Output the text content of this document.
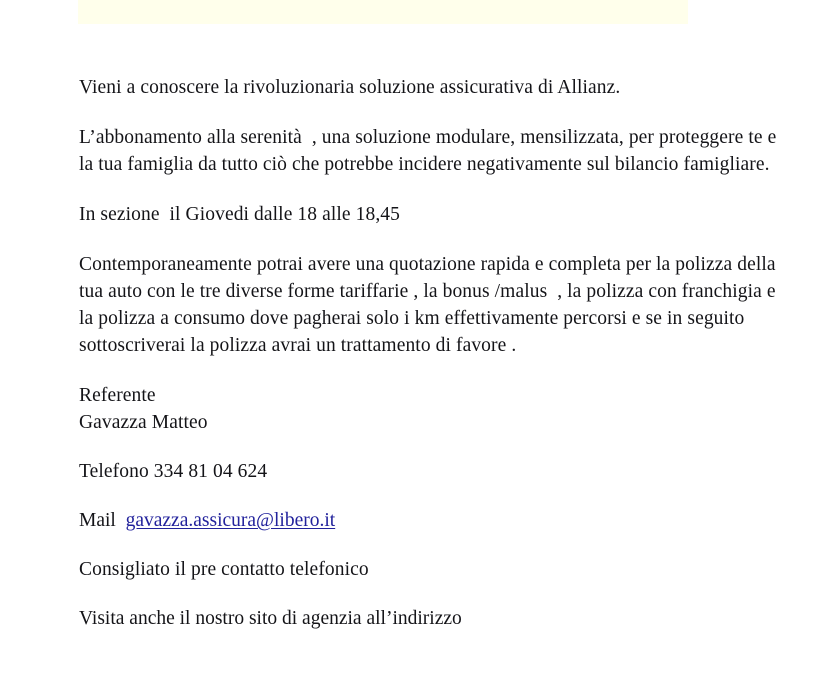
Vieni a conoscere la rivoluzionaria soluzione assicurativa di Allianz.

L’abbonamento alla serenità  , una soluzione modulare, mensilizzata, per proteggere te e la tua famiglia da tutto ciò che potrebbe incidere negativamente sul bilancio famigliare.

In sezione  il Giovedi dalle 18 alle 18,45

Contemporaneamente potrai avere una quotazione rapida e completa per la polizza della tua auto con le tre diverse forme tariffarie , la bonus /malus  , la polizza con franchigia e la polizza a consumo dove pagherai solo i km effettivamente percorsi e se in seguito sottoscriverai la polizza avrai un trattamento di favore .

Referente

Gavazza Matteo

Telefono 334 81 04 624

Mail
gavazza.assicura@libero.it

Consigliato il pre contatto telefonico

Visita anche il nostro sito di agenzia all’indirizzo
